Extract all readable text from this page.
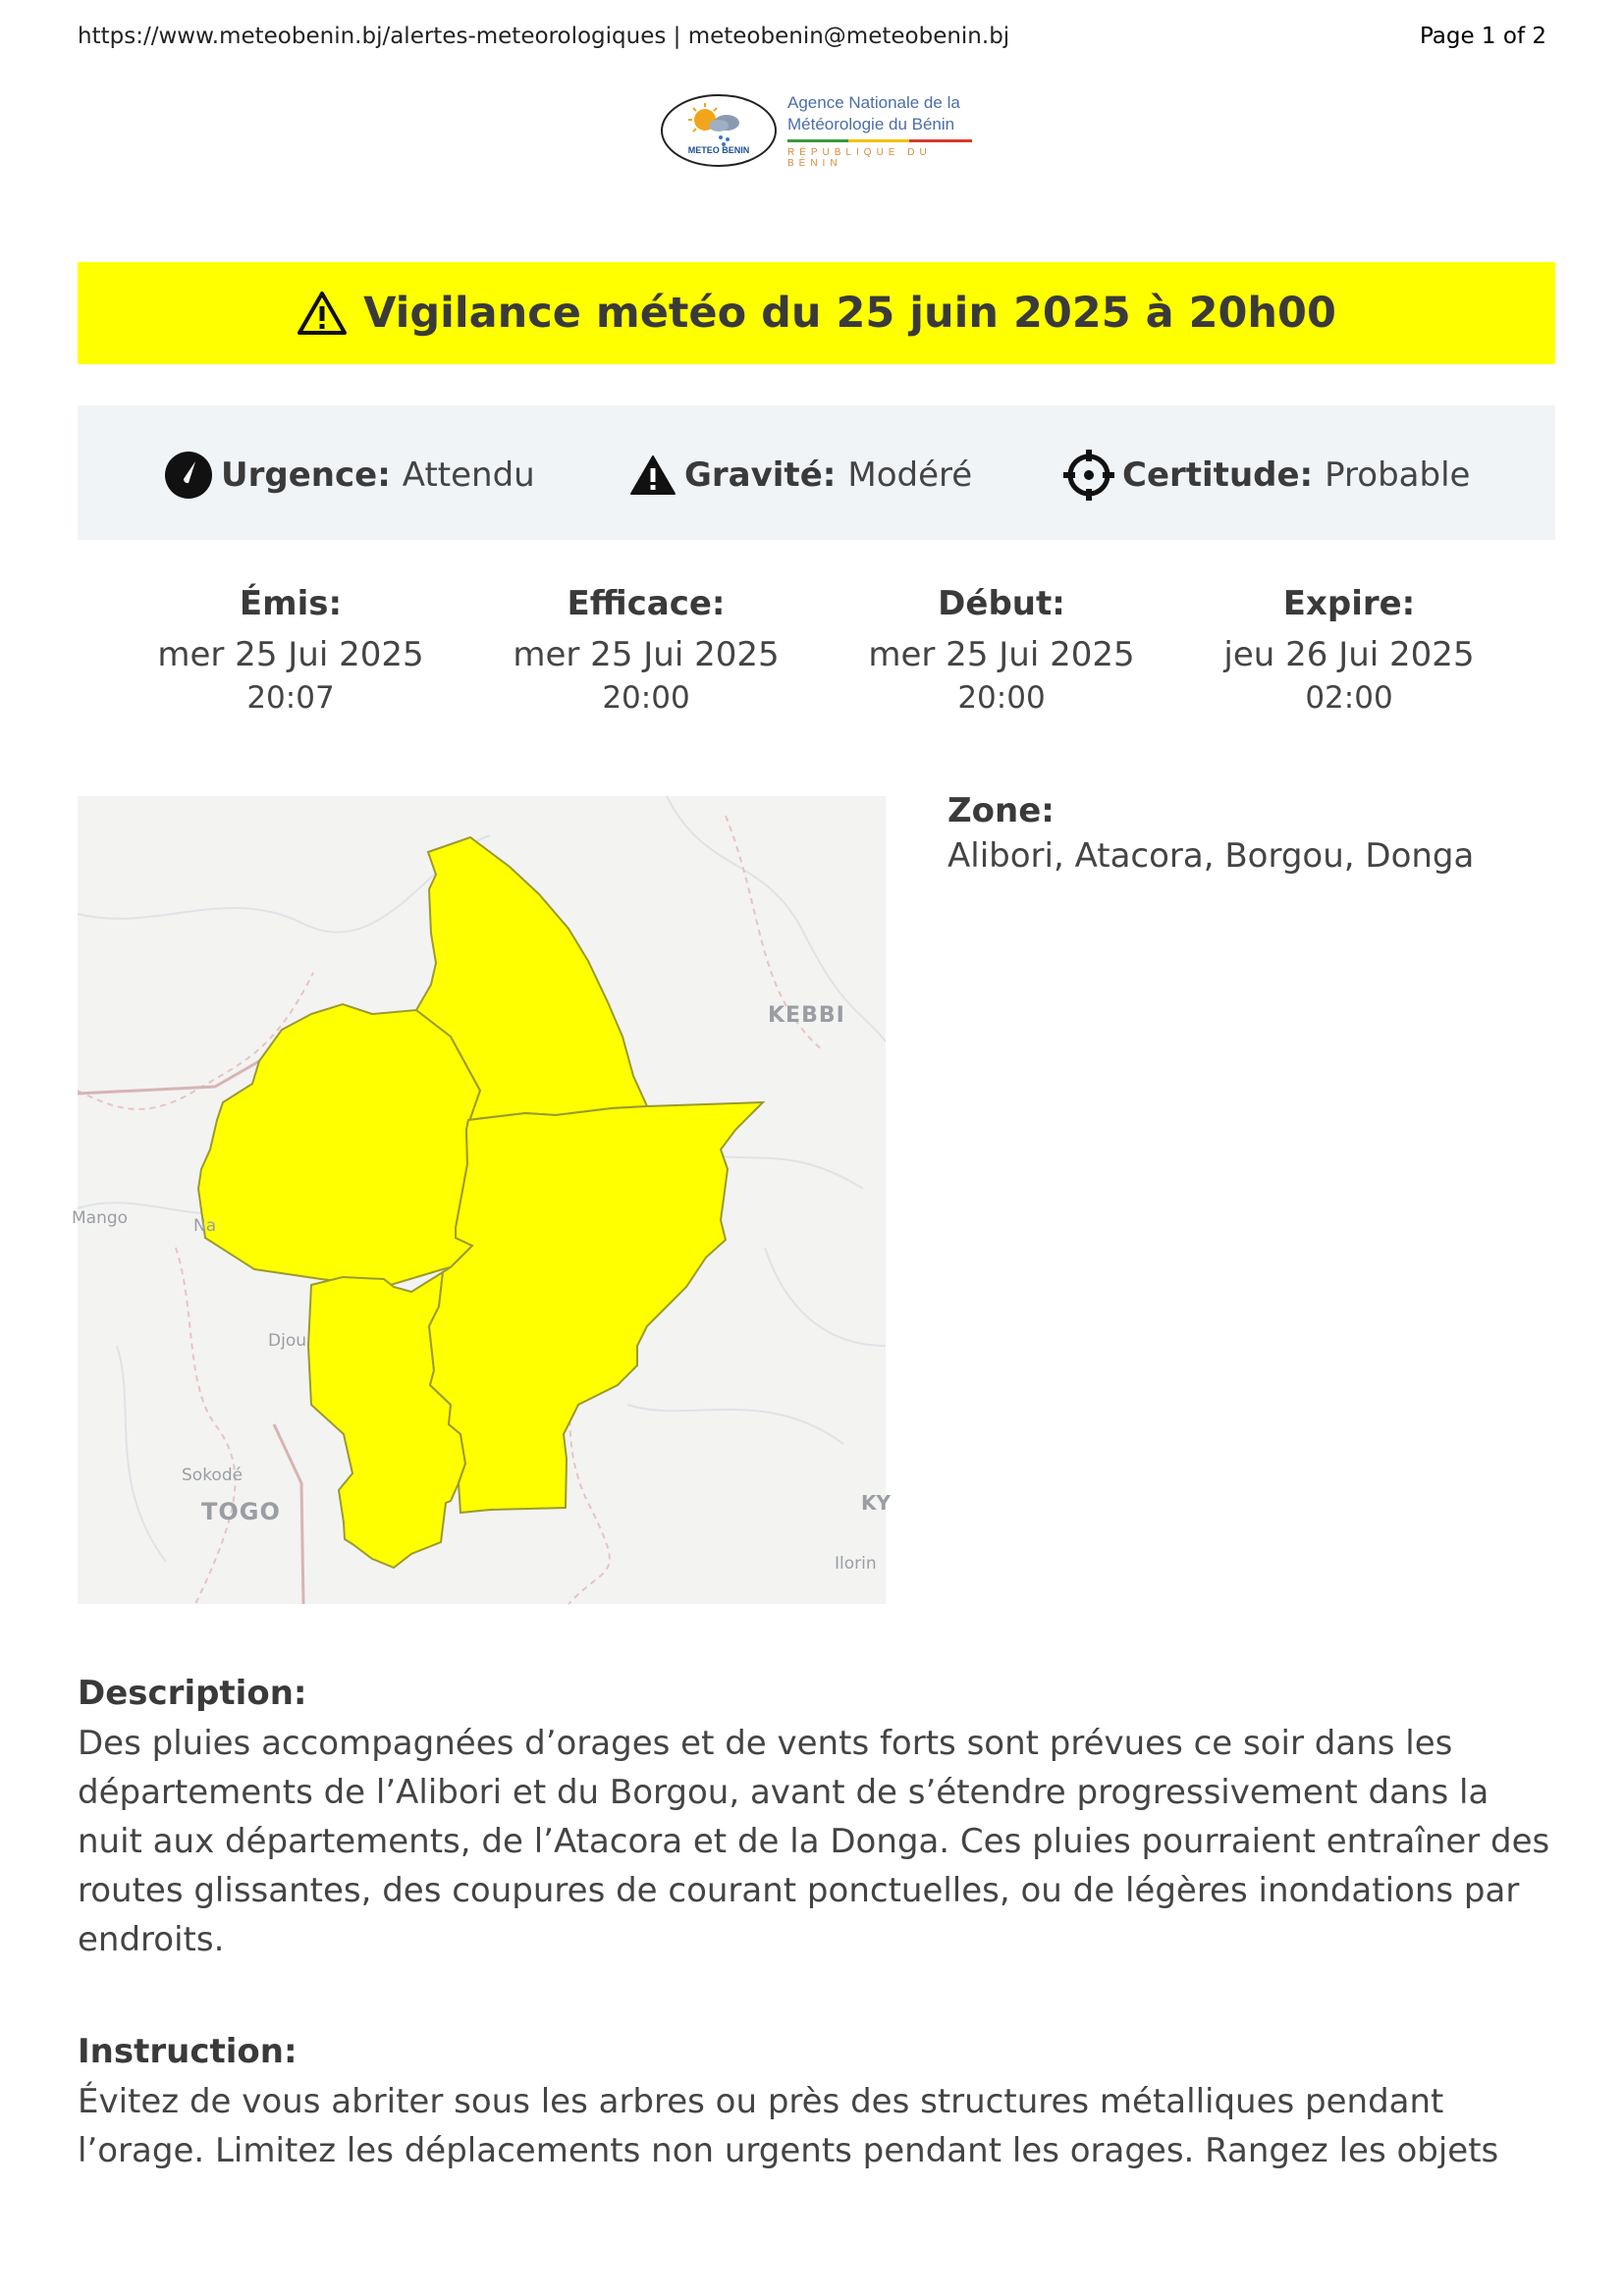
https://www.meteobenin.bj/alertes-meteorologiques | meteobenin@meteobenin.bj	Page 1 of 2
METEO BENIN
Agence Nationale de la
Météorologie du Bénin
RÉPUBLIQUE DU BÉNIN
Vigilance météo du 25 juin 2025 à 20h00
Urgence: Attendu	Gravité: Modéré	Certitude: Probable
Émis:
mer 25 Jui 2025
20:07
Efficace:
mer 25 Jui 2025
20:00
Début:
mer 25 Jui 2025
20:00
Expire:
jeu 26 Jui 2025
02:00
KEBBI
Mango	Na
Djou
Sokodé
TOGO	KY
Ilorin
Zone:
Alibori, Atacora, Borgou, Donga
Description:
Des pluies accompagnées d’orages et de vents forts sont prévues ce soir dans les départements de l’Alibori et du Borgou, avant de s’étendre progressivement dans la nuit aux départements, de l’Atacora et de la Donga. Ces pluies pourraient entraîner des routes glissantes, des coupures de courant ponctuelles, ou de légères inondations par endroits.
Instruction:
Évitez de vous abriter sous les arbres ou près des structures métalliques pendant l’orage. Limitez les déplacements non urgents pendant les orages. Rangez les objets
